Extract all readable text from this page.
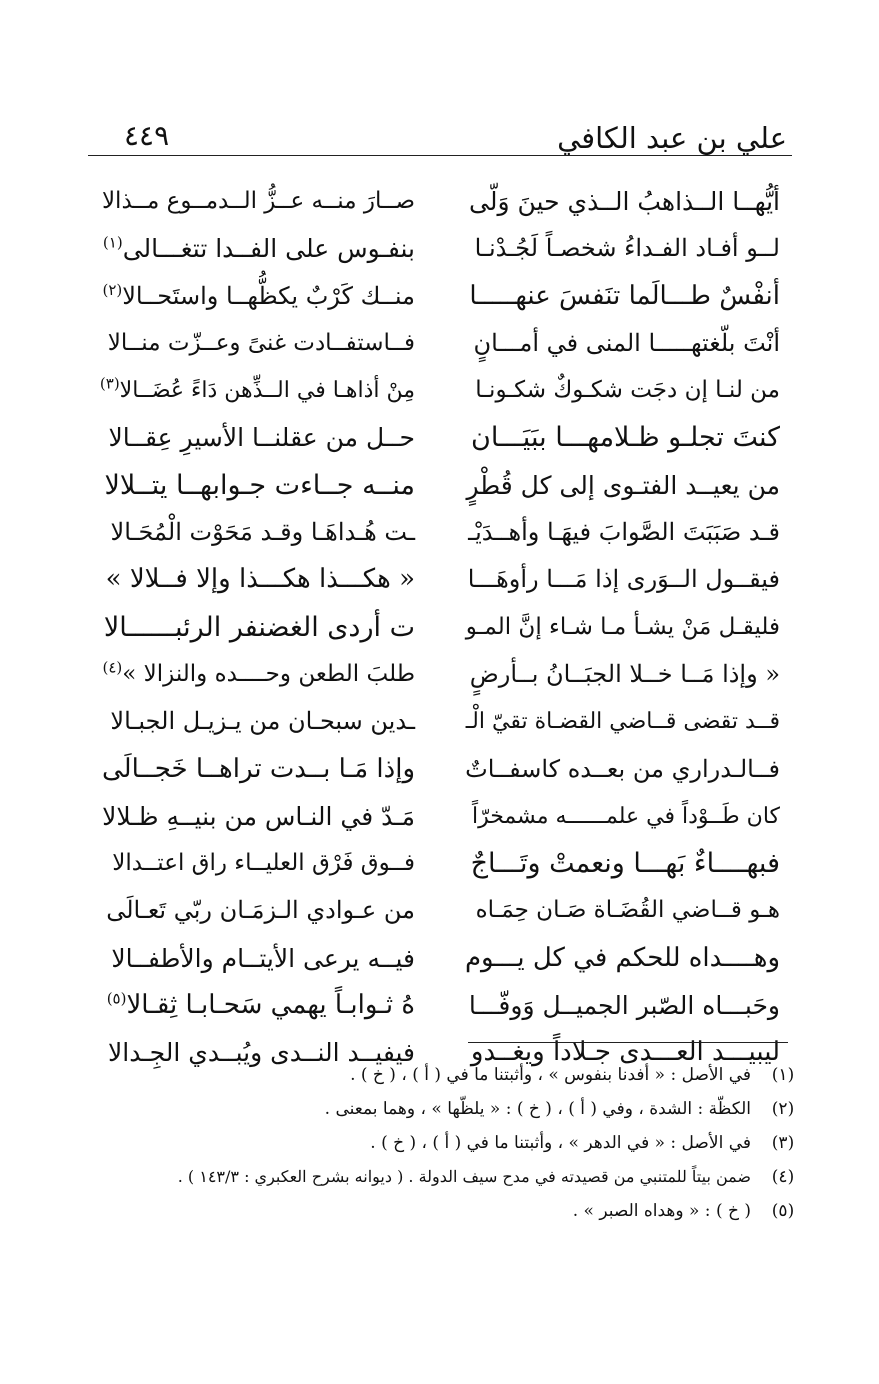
علي بن عبد الكافي
٤٤٩
أيُّهــا الــذاهبُ الــذي حينَ وَلّى
صــارَ منــه عــزُّ الــدمــوع مــذالا
لــو أفـاد الفـداءُ شخصـاً لَجُـدْنـا
بنفـوس على الفــدا تتغـــالى$^{(١)}$
أنفْسٌ طـــالَما تنَفسَ عنهـــــا
منــك كَرْبٌ يكظُّهــا واستَحــالا$^{(٢)}$
أنْتَ بلّغتهـــــا المنى في أمـــانٍ
فــاستفــادت غنىً وعــزّت منــالا
من لنـا إن دجَت شكـوكٌ شكـونـا
مِنْ أذاهـا في الــذِّهن دَاءً عُضَــالا$^{(٣)}$
كنتَ تجلـو ظـلامهـــا ببَيَـــان
حــل من عقلنــا الأسيرِ عِقــالا
من يعيــد الفتـوى إلى كل قُطْرٍ
منــه جــاءت جـوابهــا يتــلالا
قـد صَبَبَتَ الصَّوابَ فيهَـا وأهــدَيْـ
ـت هُـداهَـا وقـد مَحَوْت الْمُحَـالا
فيقــول الــوَرى إذا مَـــا رأوهَـــا
« هكـــذا هكـــذا وإلا فــلالا »
فليقـل مَنْ يشـأ مـا شـاء إنَّ المـو
ت أردى الغضنفر الرئبــــــالا
« وإذا مَــا خــلا الجبَــانُ بــأرضٍ
طلبَ الطعن وحــــده والنزالا »$^{(٤)}$
قــد تقضى قــاضي القضـاة تقيّ الْـ
ـدين سبحـان من يـزيـل الجبـالا
فــالـدراري من بعــده كاسفــاتٌ
وإذا مَـا بــدت تراهــا خَجــالَى
كان طَــوْداً في علمــــــه مشمخرّاً
مَـدّ في النـاس من بنيــهِ ظـلالا
فبهــــاءٌ بَهـــا ونعمتْ وتَـــاجٌ
فــوق فَرْق العليــاء راق اعتــدالا
هـو قــاضي القُضَـاة صَـان حِمَـاه
من عـوادي الـزمَـان ربّي تَعـالَى
وهــــداه للحكم في كل يـــوم
فيــه يرعى الأيتــام والأطفــالا
وحَبـــاه الصّبر الجميــل وَوفّـــا
هُ ثـوابـاً يهمي سَحـابـا ثِقـالا$^{(٥)}$
ليبيـــد العـــدى جـلاداً ويغــدو
فيفيــد النــدى ويُبــدي الجِـدالا
(١)
في الأصل : « أفدنا بنفوس » ، وأثبتنا ما في ( أ ) ، ( خ ) .
(٢)
الكظّة : الشدة ، وفي ( أ ) ، ( خ ) : « يلظّها » ، وهما بمعنى .
(٣)
في الأصل : « في الدهر » ، وأثبتنا ما في ( أ ) ، ( خ ) .
(٤)
ضمن بيتاً للمتنبي من قصيدته في مدح سيف الدولة . ( ديوانه بشرح العكبري : ١٤٣/٣ ) .
(٥)
( خ ) : « وهداه الصبر » .
